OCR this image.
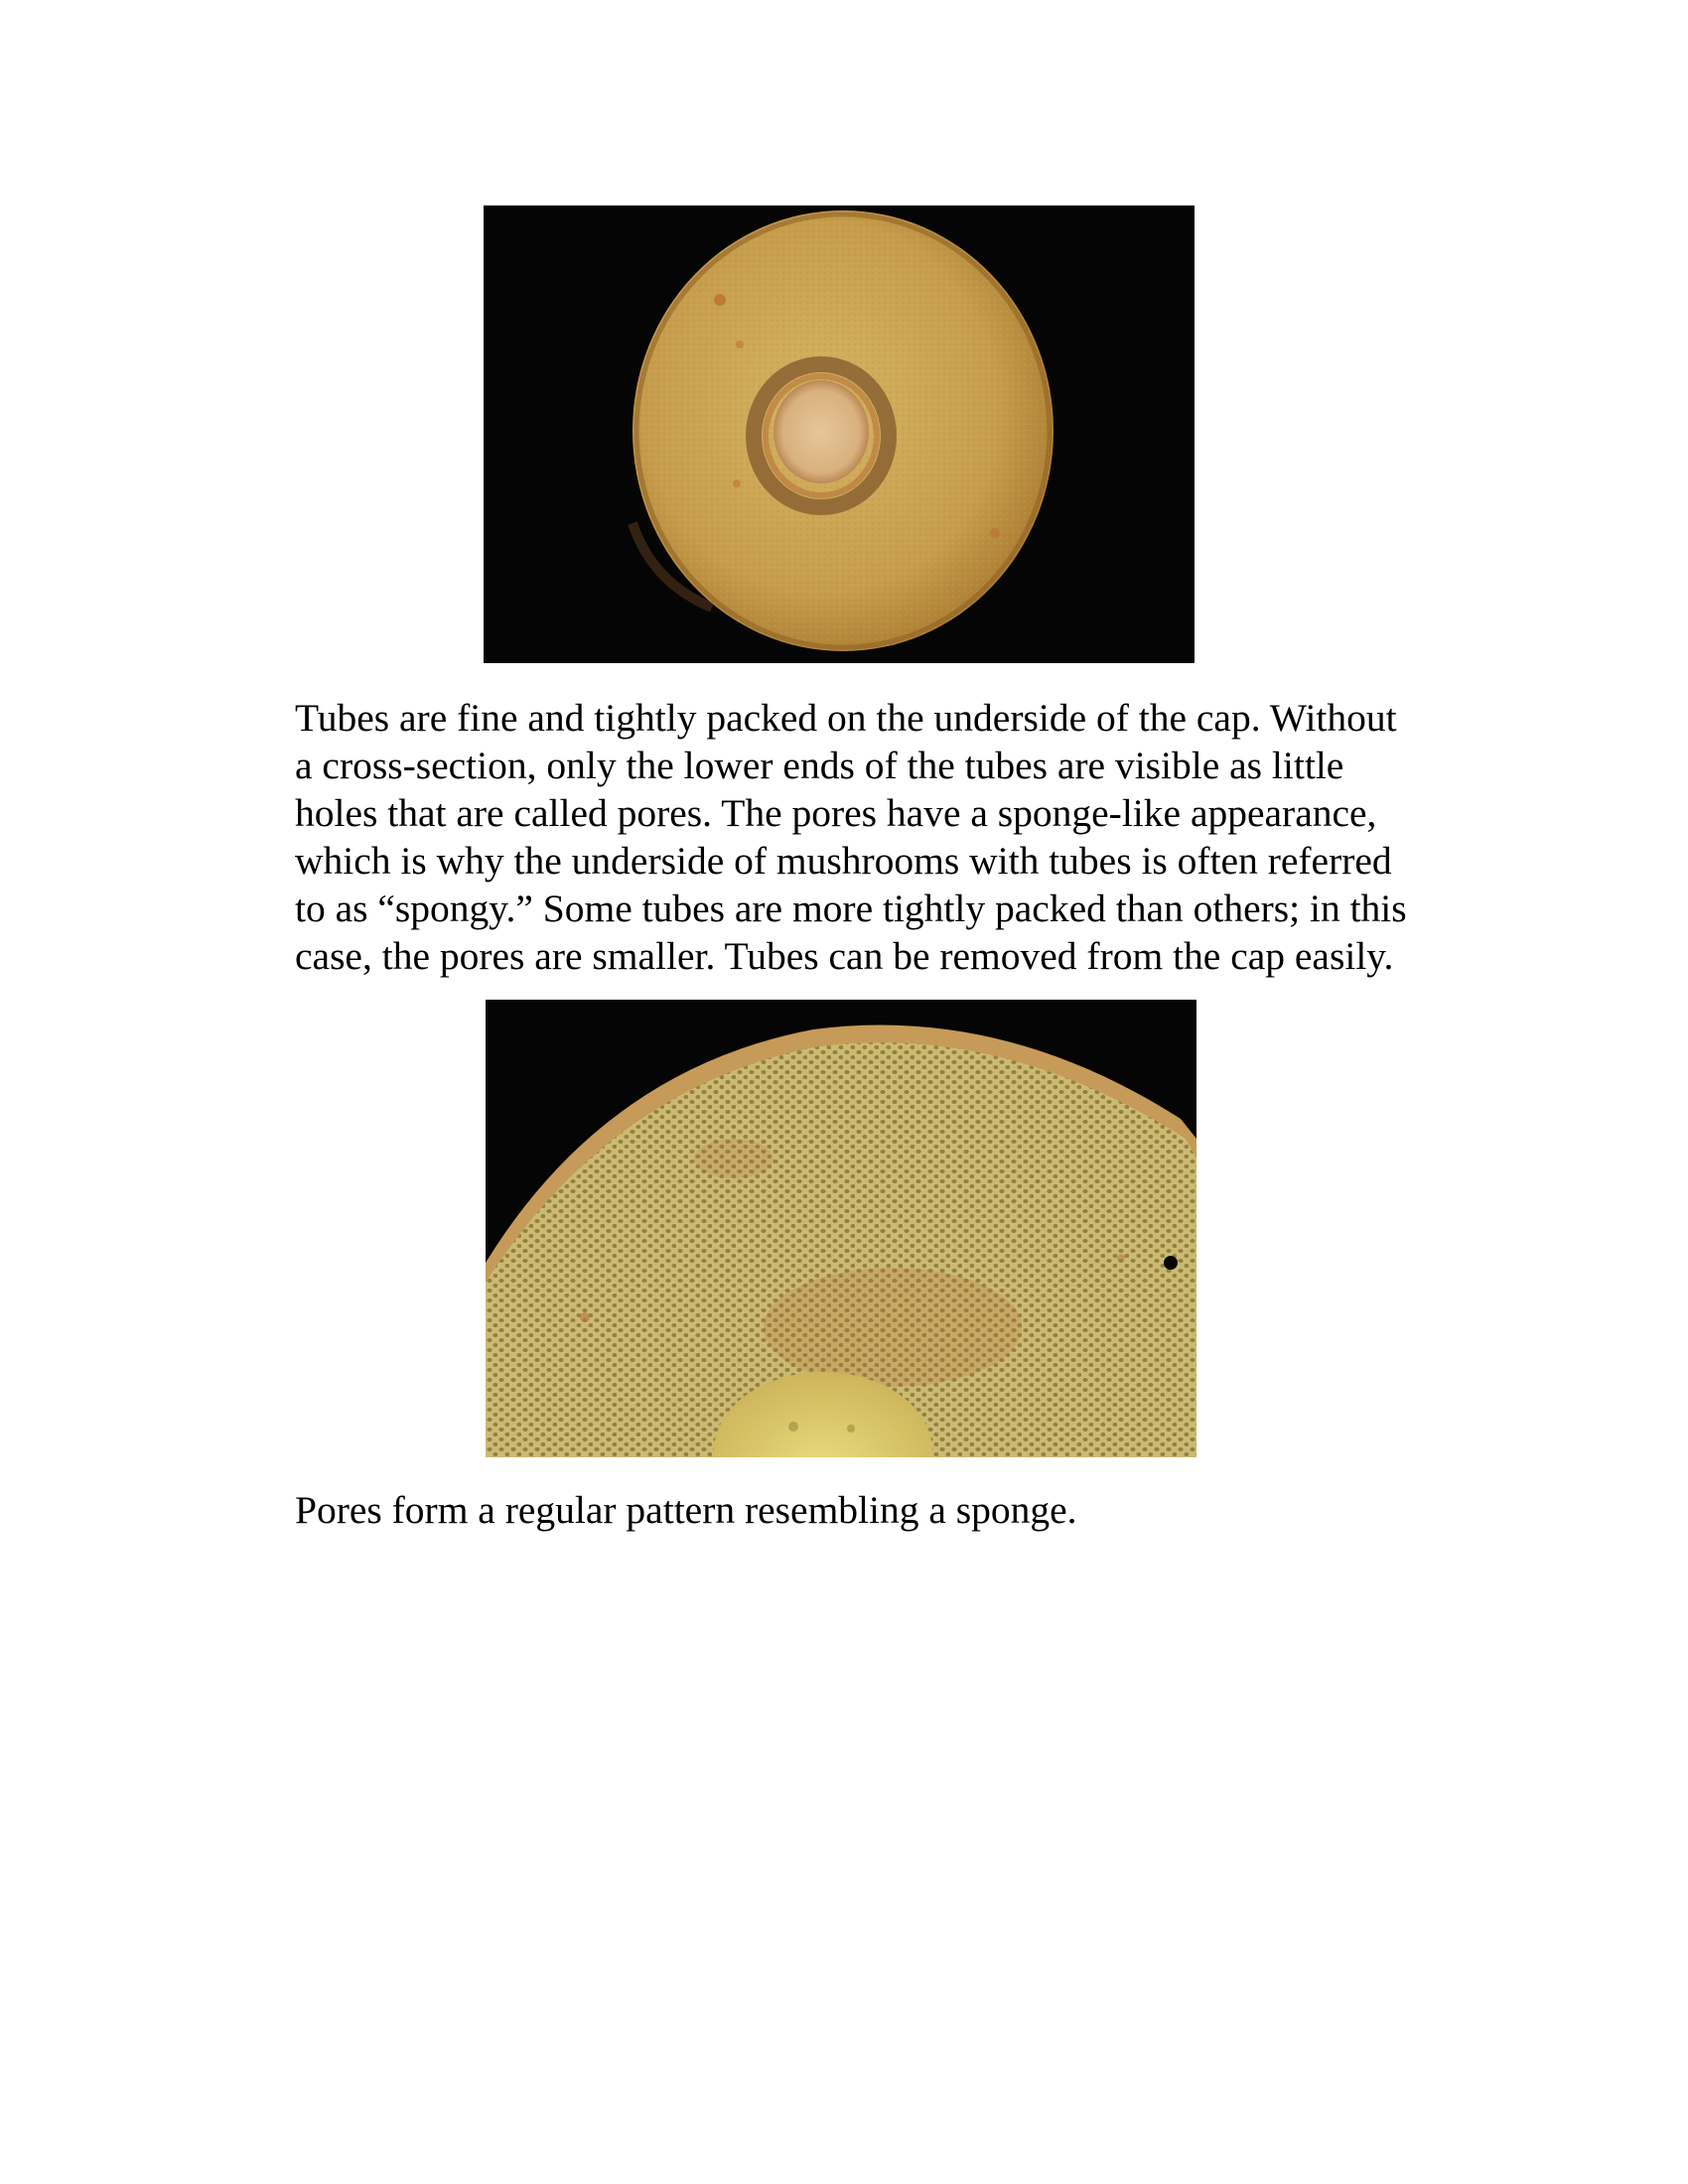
Tubes are fine and tightly packed on the underside of the cap. Without
a cross-section, only the lower ends of the tubes are visible as little
holes that are called pores. The pores have a sponge-like appearance,
which is why the underside of mushrooms with tubes is often referred
to as “spongy.” Some tubes are more tightly packed than others; in this
case, the pores are smaller. Tubes can be removed from the cap easily.

Pores form a regular pattern resembling a sponge.
